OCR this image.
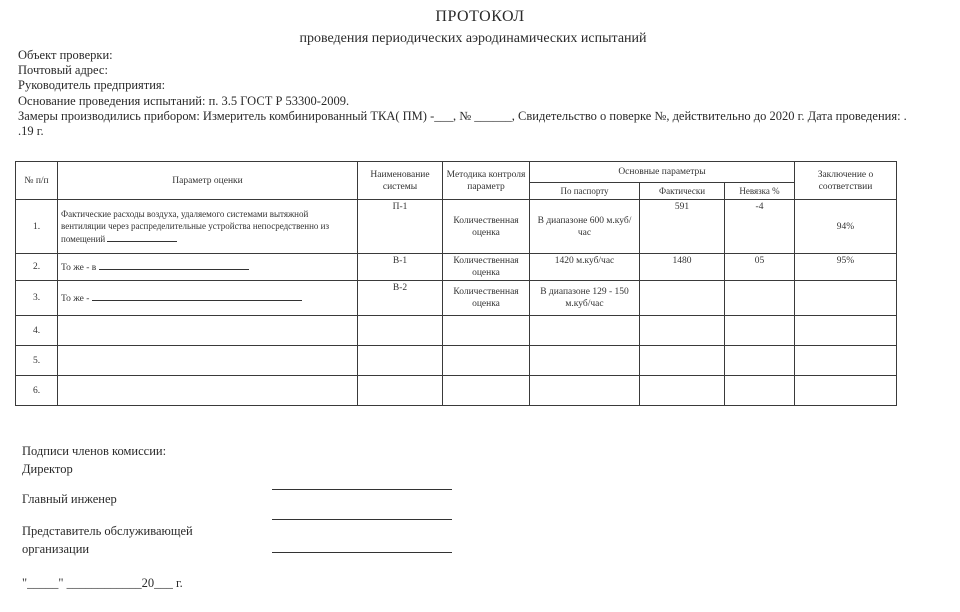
ПРОТОКОЛ
проведения периодических аэродинамических испытаний
Объект проверки:
Почтовый адрес:
Руководитель предприятия:
Основание проведения испытаний: п. 3.5 ГОСТ Р 53300-2009.
Замеры производились прибором: Измеритель комбинированный ТКА( ПМ) -___, № ______, Свидетельство о поверке №, действительно до 2020 г. Дата проведения: . .19 г.
№ п/п	Параметр оценки	Наименование системы	Методика контроля параметр	Основные параметры			Заключение о соответствии
				По паспорту	Фактически	Невязка %	
1.	Фактические расходы воздуха, удаляемого системами вытяжной вентиляции через распределительные устройства непосредственно из помещений	П-1	Количественная оценка	В диапазоне 600 м.куб/час	591	-4	94%
2.	То же - в	В-1	Количественная оценка	1420 м.куб/час	1480	05	95%
3.	То же -	В-2	Количественная оценка	В диапазоне 129 - 150 м.куб/час			
4.							
5.							
6.							
Подписи членов комиссии:
Директор
Главный инженер
Представитель обслуживающей
организации
"_____" ____________20___ г.
